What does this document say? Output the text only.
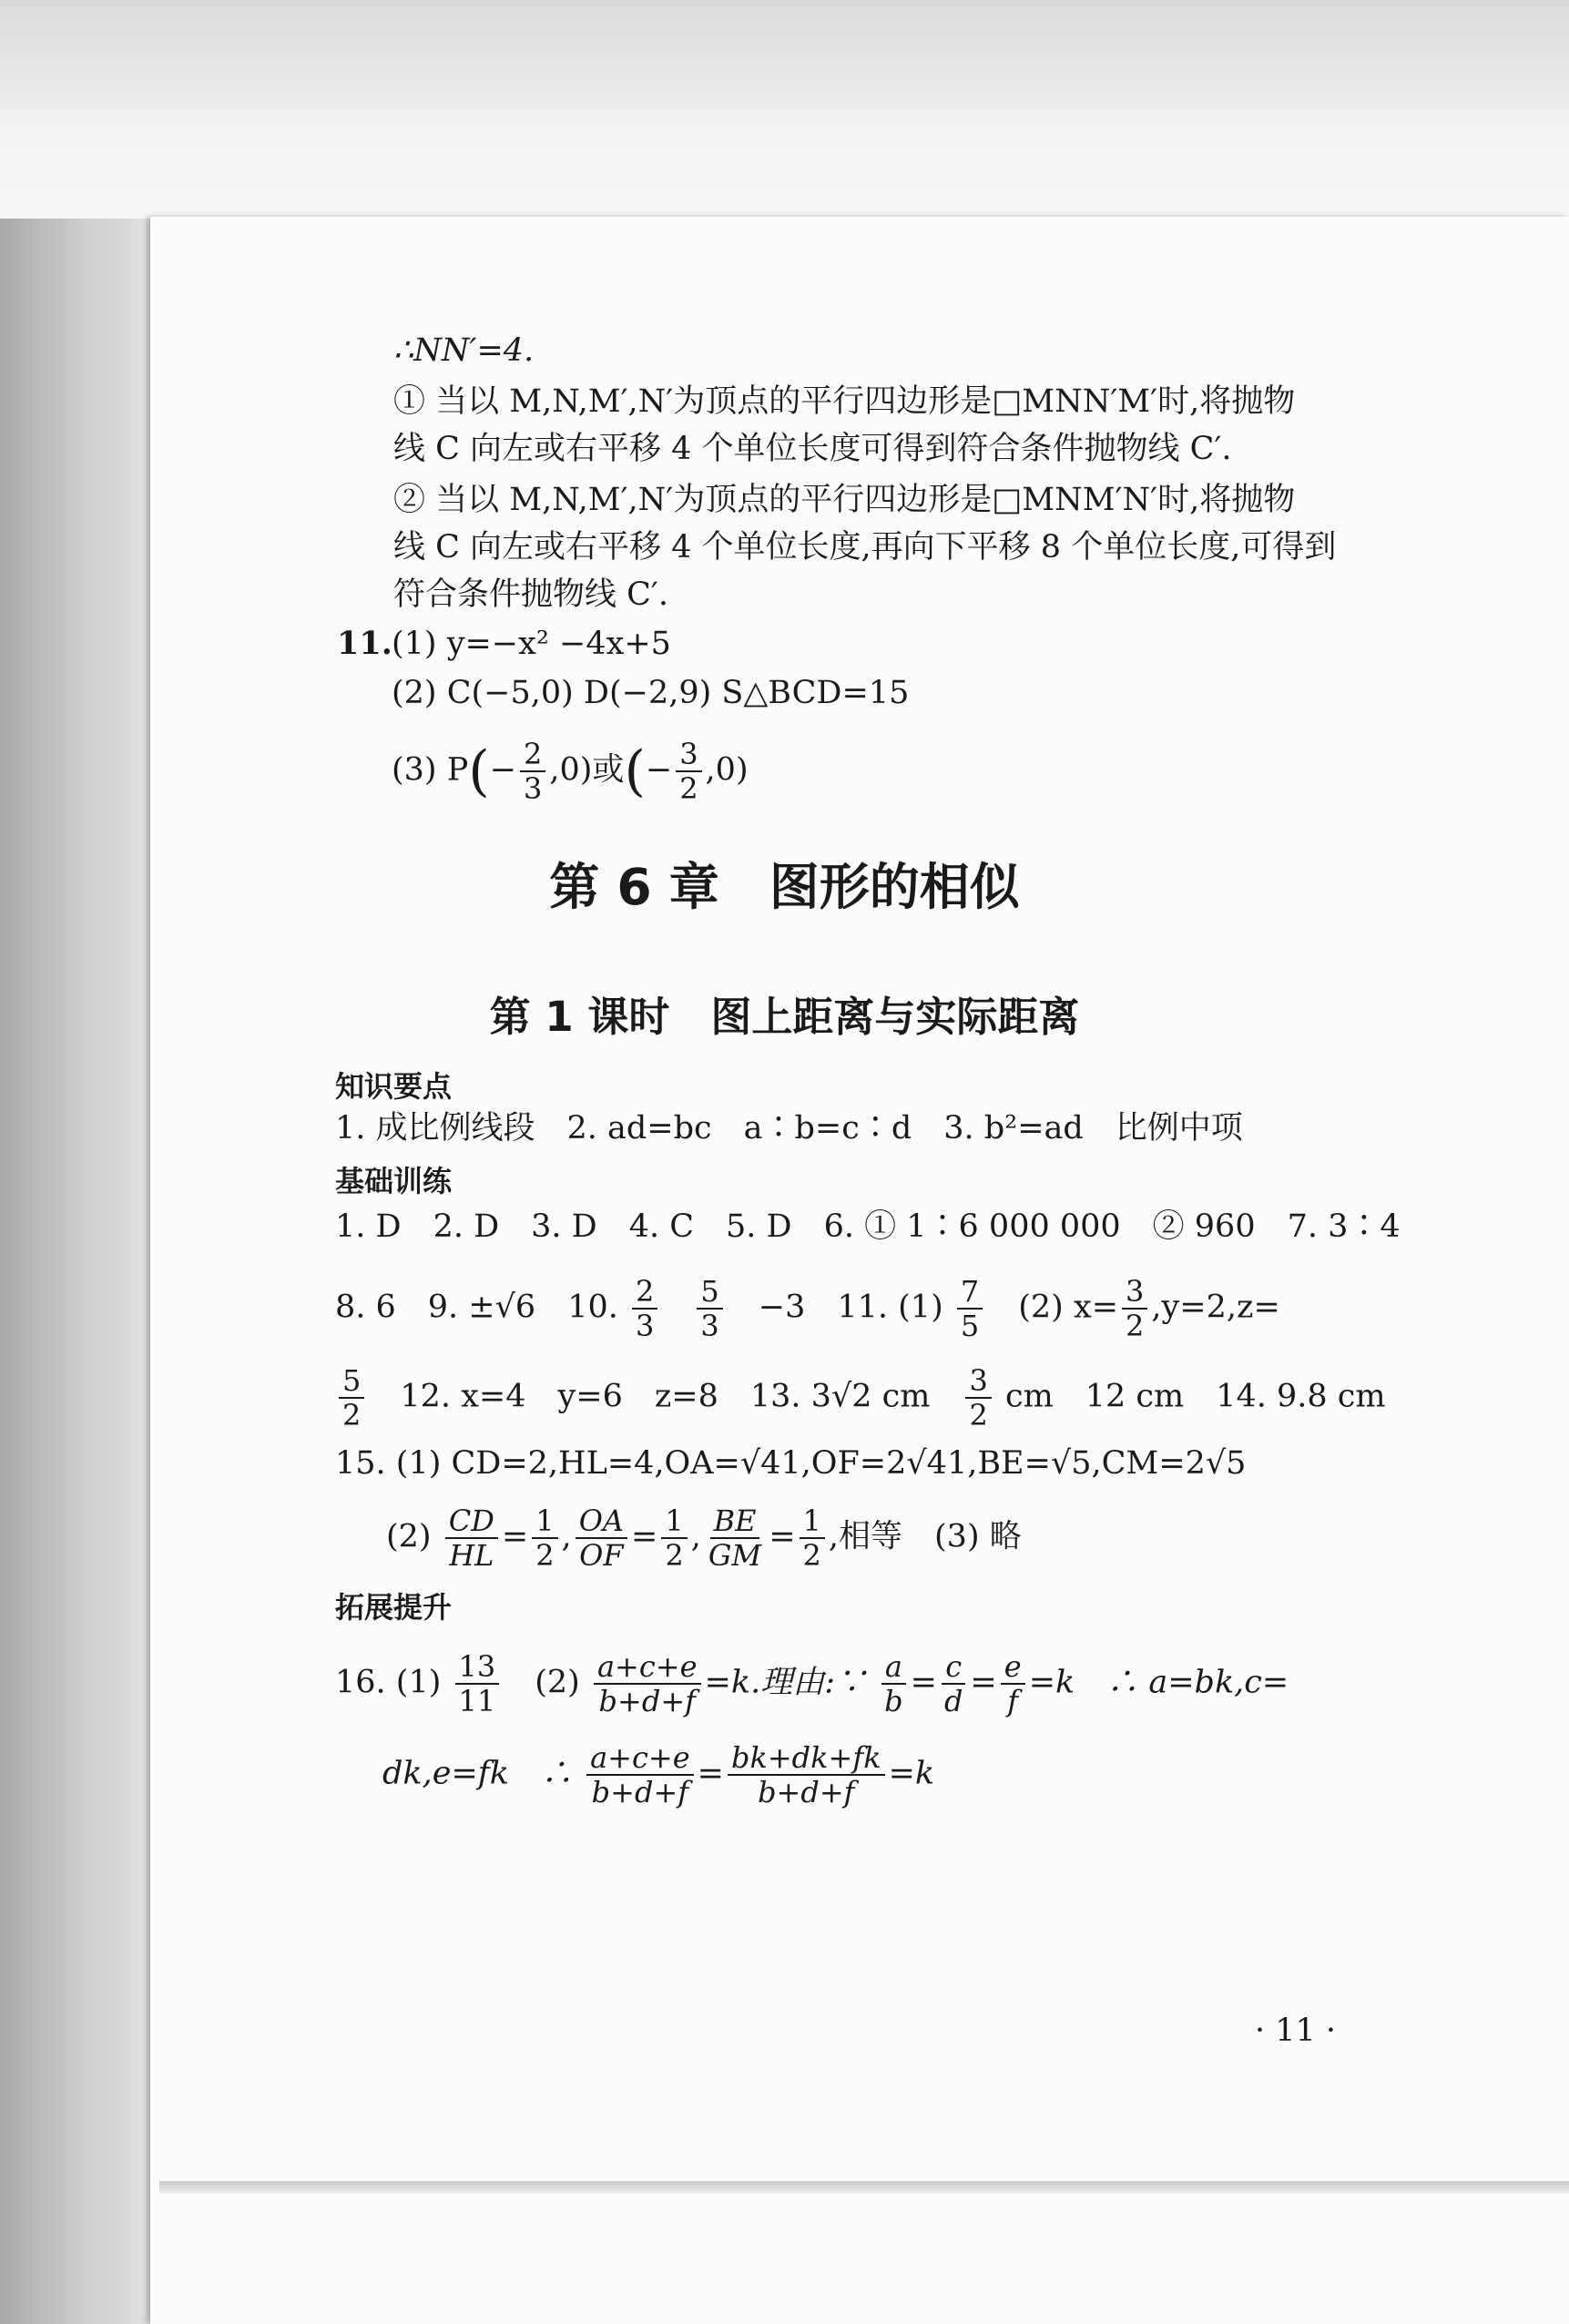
∴NN′=4.
① 当以 M,N,M′,N′为顶点的平行四边形是□MNN′M′时,将抛物
线 C 向左或右平移 4 个单位长度可得到符合条件抛物线 C′.
② 当以 M,N,M′,N′为顶点的平行四边形是□MNM′N′时,将抛物
线 C 向左或右平移 4 个单位长度,再向下平移 8 个单位长度,可得到
符合条件抛物线 C′.
11. (1) y=−x² −4x+5
(2) C(−5,0) D(−2,9) S△BCD=15
(3) $P(- \frac{2}{3} ,0)$或(− $\frac{3}{2} ,0$)
第 6 章　图形的相似
第 1 课时　图上距离与实际距离
知识要点
1. 成比例线段　2. ad=bc　a∶b=c∶d　3. b²=ad　比例中项
基础训练
1. D　2. D　3. D　4. C　5. D　6. ① 1∶6 000 000　② 960　7. 3∶4
8. 6　9. ±√6　10. $\frac{2}{3}$
　 $\frac{5}{3}$
　 −3　11. $(1) \frac{7}{5}$
　 (2) $x= \frac{3}{2} ,y=2,z=$
$\frac{5}{2}$
　 12. x=4　y=6　z=8　13. 3√2 cm　 $\frac{3}{2}$ cm　12 cm　14. 9.8 cm
15. (1) CD=2,HL=4,OA=√41,OF=2√41,BE=√5,CM=2√5
$(2) \frac{CD}{HL} = \frac{1}{2}$ , $\frac{OA}{OF} = \frac{1}{2}$ , $\frac{BE}{GM} = \frac{1}{2}$ ,相等　(3) 略
拓展提升
16. $(1) \frac{13}{11}$
　 $(2) \frac{a+c+e}{b+d+f} =k$.理由:∵ $\frac{a}{b} = \frac{c}{d} = \frac{e}{f} =k$　∴ a=bk,c=
dk,e=fk　∴ $\frac{a+c+e}{b+d+f} = \frac{bk+dk+fk}{b+d+f} =k$
· 11 ·
